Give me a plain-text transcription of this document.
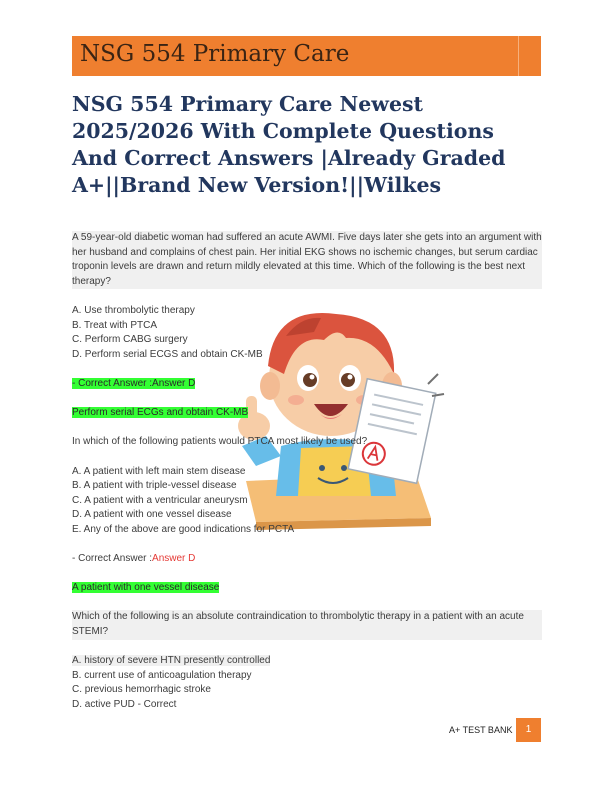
NSG 554 Primary Care
NSG 554 Primary Care Newest 2025/2026 With Complete Questions And Correct Answers |Already Graded A+||Brand New Version!||Wilkes

A 59-year-old diabetic woman had suffered an acute AWMI. Five days later she gets into an argument with her husband and complains of chest pain. Her initial EKG shows no ischemic changes, but serum cardiac troponin levels are drawn and return mildly elevated at this time. Which of the following is the best next therapy?

A. Use thrombolytic therapy

B. Treat with PTCA

C. Perform CABG surgery

D. Perform serial ECGS and obtain CK-MB

- Correct Answer :Answer D

Perform serial ECGs and obtain CK-MB

In which of the following patients would PTCA most likely be used?

A. A patient with left main stem disease

B. A patient with triple-vessel disease

C. A patient with a ventricular aneurysm

D. A patient with one vessel disease

E. Any of the above are good indications for PCTA

- Correct Answer :Answer D

A patient with one vessel disease

Which of the following is an absolute contraindication to thrombolytic therapy in a patient with an acute STEMI?

A. history of severe HTN presently controlled

B. current use of anticoagulation therapy

C. previous hemorrhagic stroke

D. active PUD - Correct

A+ TEST BANK	1
